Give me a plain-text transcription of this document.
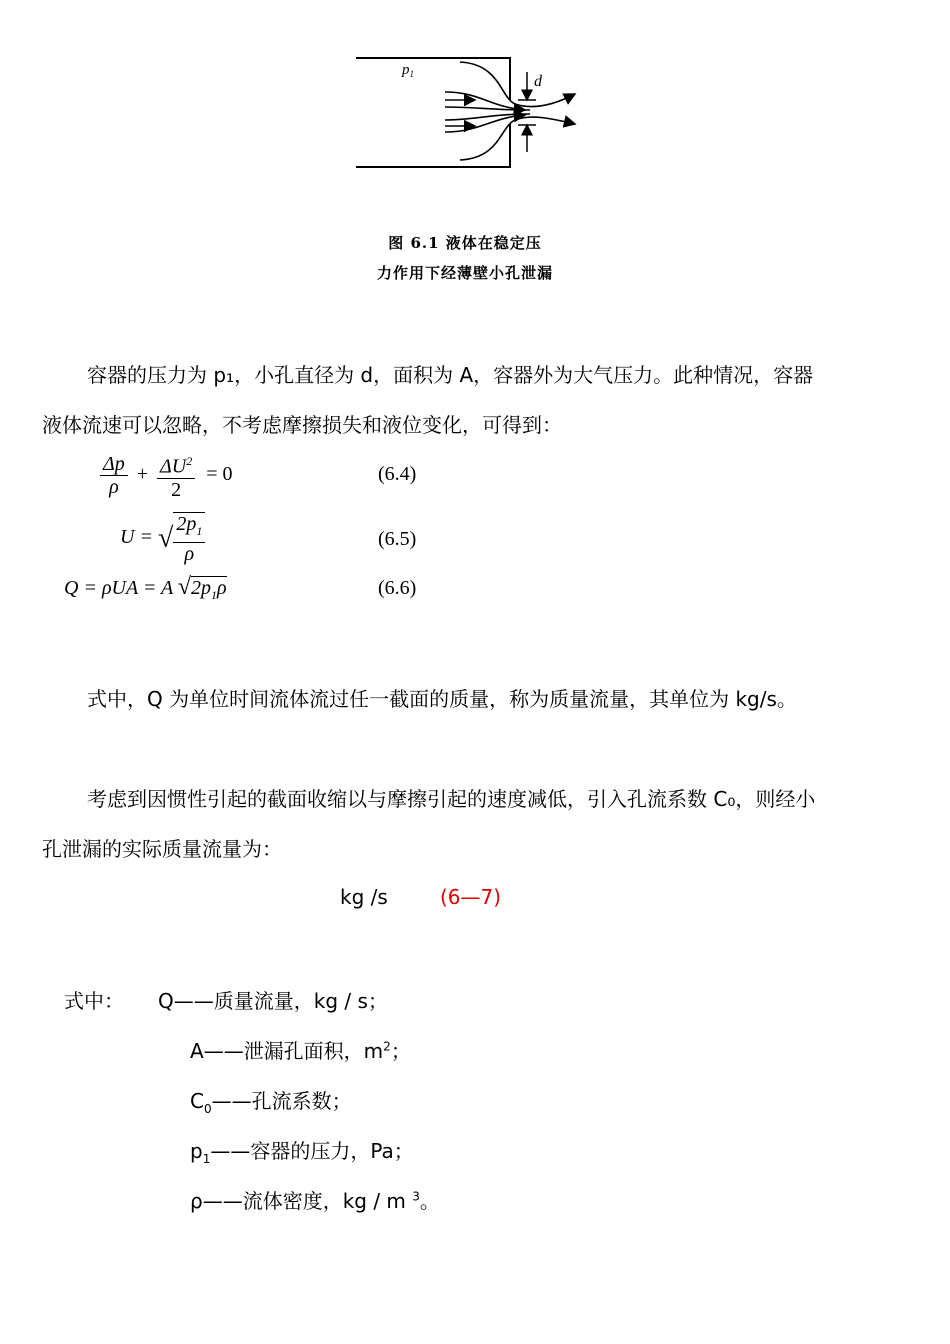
$p_1$	d
图 6.1 液体在稳定压
力作用下经薄壁小孔泄漏
容器的压力为 p₁，小孔直径为 d，面积为 A，容器外为大气压力。此种情况，容器
液体流速可以忽略，不考虑摩擦损失和液位变化，可得到：
$\frac{\Delta p}{\rho} + \frac{\Delta U^2}{2} = 0$	(6.4)
U = √ $\frac{2p_1}{\rho}$	(6.5)
Q = ρUA = A $√2p_1\rho$	(6.6)
式中，Q 为单位时间流体流过任一截面的质量，称为质量流量，其单位为 kg/s。
考虑到因惯性引起的截面收缩以与摩擦引起的速度减低，引入孔流系数 C₀，则经小
孔泄漏的实际质量流量为：
kg /s	(6—7)
式中： Q——质量流量，kg / s；
A——泄漏孔面积，$m^2$；
$C_0——$孔流系数；
$p_1——$容器的压力，Pa；
ρ——流体密度，kg / m $^3$。
